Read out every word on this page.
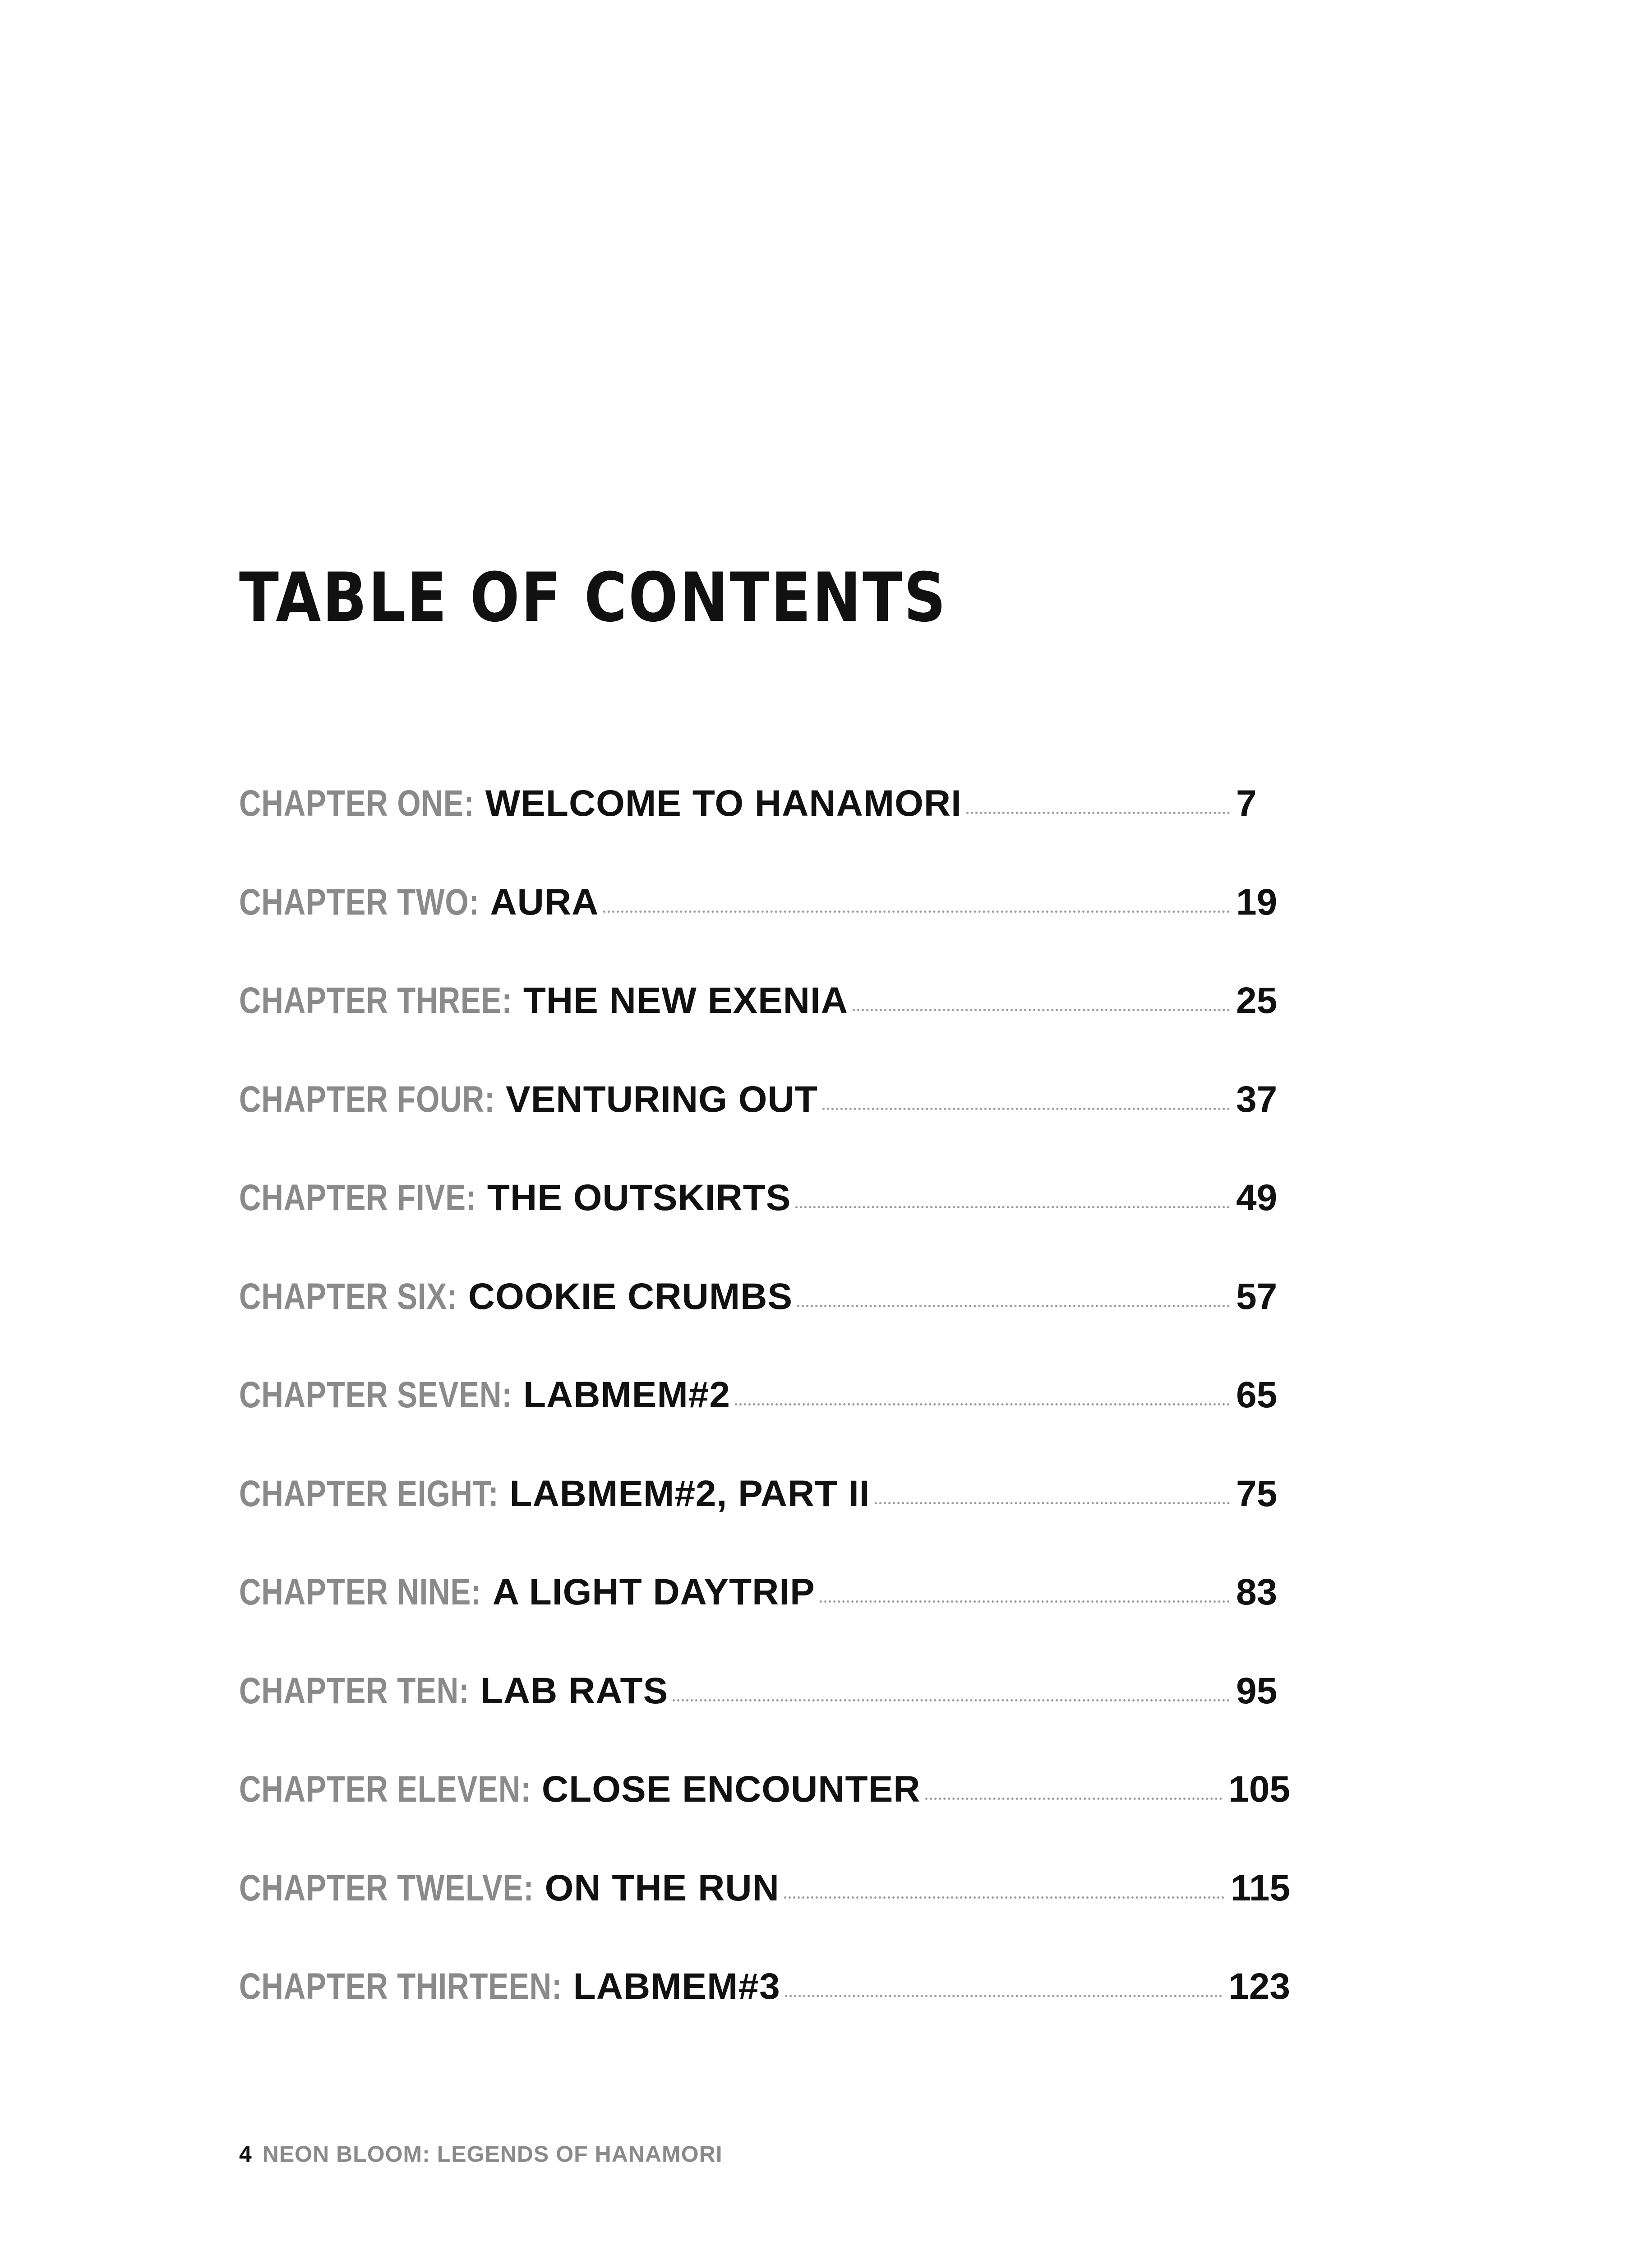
TABLE OF CONTENTS
CHAPTER ONE: WELCOME TO HANAMORI	7
CHAPTER TWO: AURA	19
CHAPTER THREE: THE NEW EXENIA	25
CHAPTER FOUR: VENTURING OUT	37
CHAPTER FIVE: THE OUTSKIRTS	49
CHAPTER SIX: COOKIE CRUMBS	57
CHAPTER SEVEN: LABMEM#2	65
CHAPTER EIGHT: LABMEM#2, PART II	75
CHAPTER NINE: A LIGHT DAYTRIP	83
CHAPTER TEN: LAB RATS	95
CHAPTER ELEVEN: CLOSE ENCOUNTER	105
CHAPTER TWELVE: ON THE RUN	115
CHAPTER THIRTEEN: LABMEM#3	123
4 NEON BLOOM: LEGENDS OF HANAMORI
